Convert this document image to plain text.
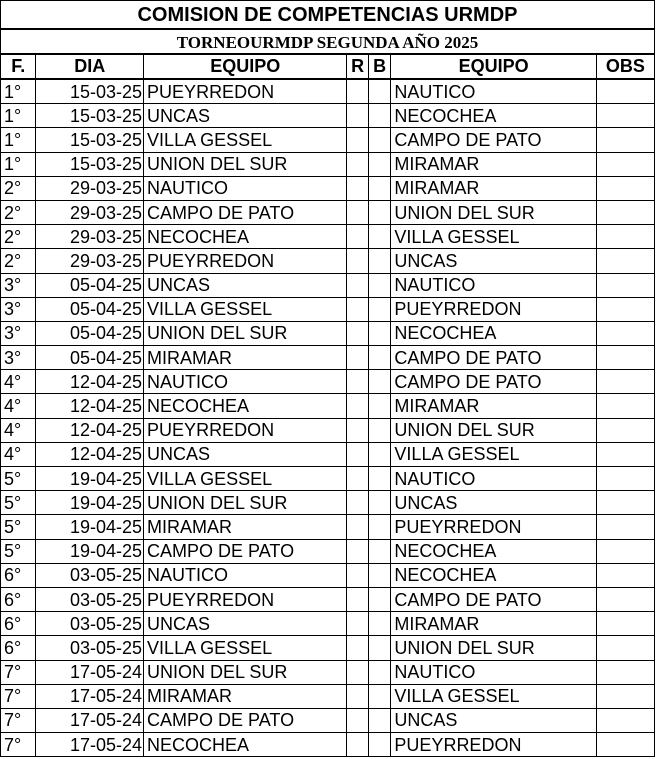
COMISION DE COMPETENCIAS URMDP
TORNEOURMDP SEGUNDA AÑO 2025
F.	DIA	EQUIPO	R	B	EQUIPO	OBS
1°	15-03-25	PUEYRREDON			NAUTICO	
1°	15-03-25	UNCAS			NECOCHEA	
1°	15-03-25	VILLA GESSEL			CAMPO DE PATO	
1°	15-03-25	UNION DEL SUR			MIRAMAR	
2°	29-03-25	NAUTICO			MIRAMAR	
2°	29-03-25	CAMPO DE PATO			UNION DEL SUR	
2°	29-03-25	NECOCHEA			VILLA GESSEL	
2°	29-03-25	PUEYRREDON			UNCAS	
3°	05-04-25	UNCAS			NAUTICO	
3°	05-04-25	VILLA GESSEL			PUEYRREDON	
3°	05-04-25	UNION DEL SUR			NECOCHEA	
3°	05-04-25	MIRAMAR			CAMPO DE PATO	
4°	12-04-25	NAUTICO			CAMPO DE PATO	
4°	12-04-25	NECOCHEA			MIRAMAR	
4°	12-04-25	PUEYRREDON			UNION DEL SUR	
4°	12-04-25	UNCAS			VILLA GESSEL	
5°	19-04-25	VILLA GESSEL			NAUTICO	
5°	19-04-25	UNION DEL SUR			UNCAS	
5°	19-04-25	MIRAMAR			PUEYRREDON	
5°	19-04-25	CAMPO DE PATO			NECOCHEA	
6°	03-05-25	NAUTICO			NECOCHEA	
6°	03-05-25	PUEYRREDON			CAMPO DE PATO	
6°	03-05-25	UNCAS			MIRAMAR	
6°	03-05-25	VILLA GESSEL			UNION DEL SUR	
7°	17-05-24	UNION DEL SUR			NAUTICO	
7°	17-05-24	MIRAMAR			VILLA GESSEL	
7°	17-05-24	CAMPO DE PATO			UNCAS	
7°	17-05-24	NECOCHEA			PUEYRREDON	
